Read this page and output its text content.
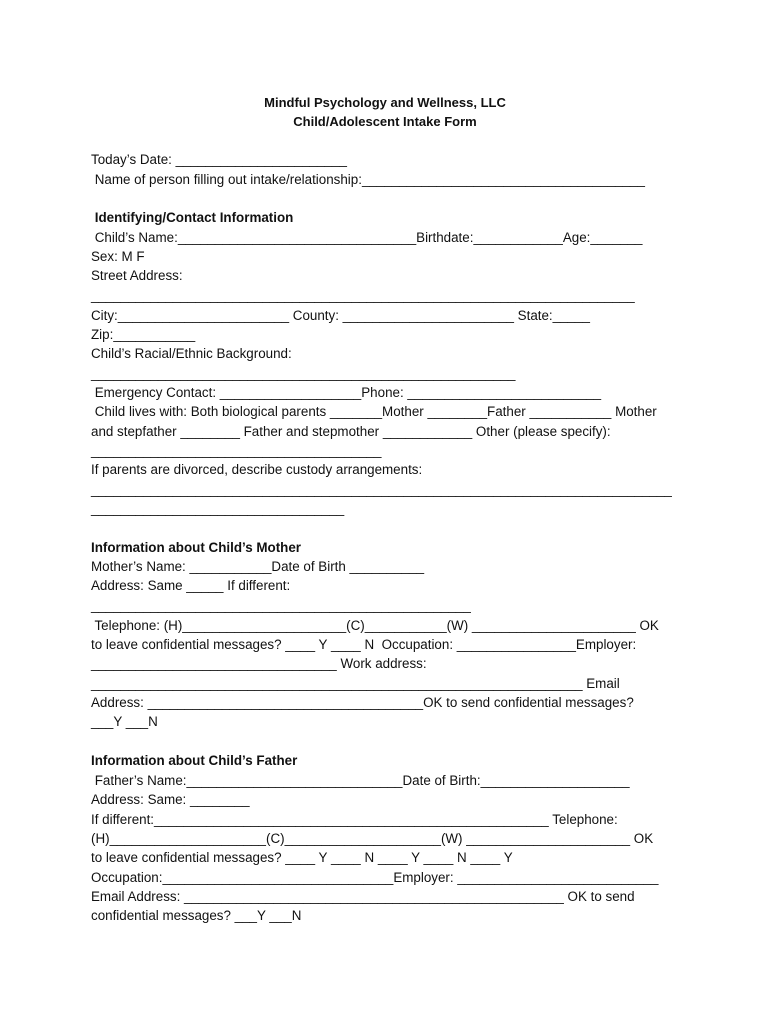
Mindful Psychology and Wellness, LLC
Child/Adolescent Intake Form
Today’s Date: _______________________
Name of person filling out intake/relationship:______________________________________
Identifying/Contact Information
Child’s Name:________________________________Birthdate:____________Age:_______
Sex: M F
Street Address:
_________________________________________________________________________
City:_______________________ County: _______________________ State:_____
Zip:___________
Child’s Racial/Ethnic Background:
_________________________________________________________
Emergency Contact: ___________________Phone: __________________________
Child lives with: Both biological parents _______Mother ________Father ___________ Mother
and stepfather ________ Father and stepmother ____________ Other (please specify):
_______________________________________
If parents are divorced, describe custody arrangements:
______________________________________________________________________________
__________________________________
Information about Child’s Mother
Mother’s Name: ___________Date of Birth __________
Address: Same _____ If different:
___________________________________________________
Telephone: (H)______________________(C)___________(W) ______________________ OK
to leave confidential messages? ____ Y ____ N  Occupation: ________________Employer:
_________________________________ Work address:
__________________________________________________________________ Email
Address: _____________________________________OK to send confidential messages?
___Y ___N
Information about Child’s Father
Father’s Name:_____________________________Date of Birth:____________________
Address: Same: ________
If different:_____________________________________________________ Telephone:
(H)_____________________(C)_____________________(W) ______________________ OK
to leave confidential messages? ____ Y ____ N ____ Y ____ N ____ Y
Occupation:_______________________________Employer: ___________________________
Email Address: ___________________________________________________ OK to send
confidential messages? ___Y ___N
